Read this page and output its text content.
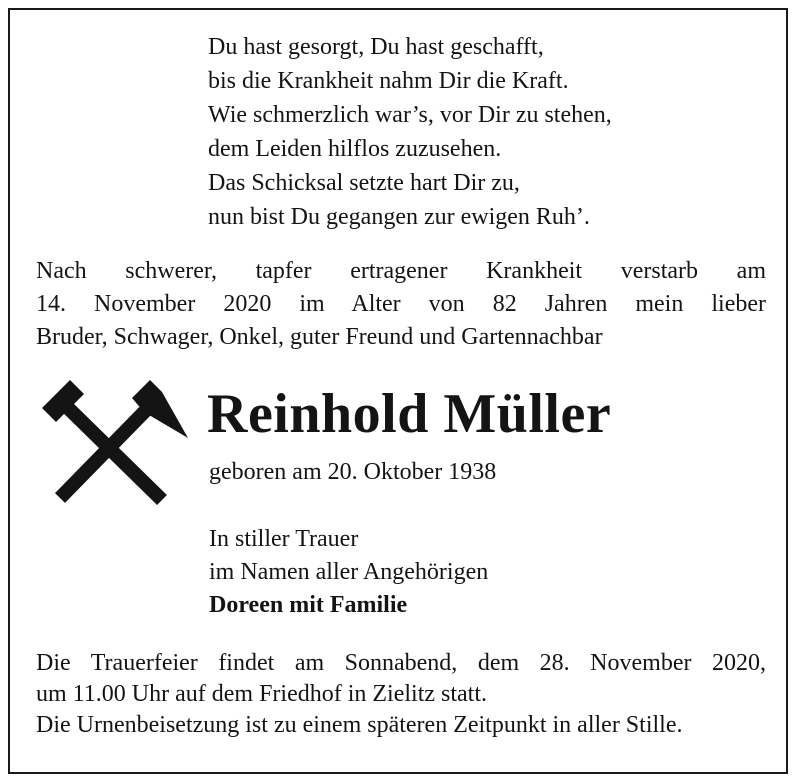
Du hast gesorgt, Du hast geschafft,
bis die Krankheit nahm Dir die Kraft.
Wie schmerzlich war’s, vor Dir zu stehen,
dem Leiden hilflos zuzusehen.
Das Schicksal setzte hart Dir zu,
nun bist Du gegangen zur ewigen Ruh’.
Nach schwerer, tapfer ertragener Krankheit verstarb am
14. November 2020 im Alter von 82 Jahren mein lieber
Bruder, Schwager, Onkel, guter Freund und Gartennachbar
Reinhold Müller
geboren am 20. Oktober 1938
In stiller Trauer
im Namen aller Angehörigen
Doreen mit Familie
Die Trauerfeier findet am Sonnabend, dem 28. November 2020,
um 11.00 Uhr auf dem Friedhof in Zielitz statt.
Die Urnenbeisetzung ist zu einem späteren Zeitpunkt in aller Stille.
